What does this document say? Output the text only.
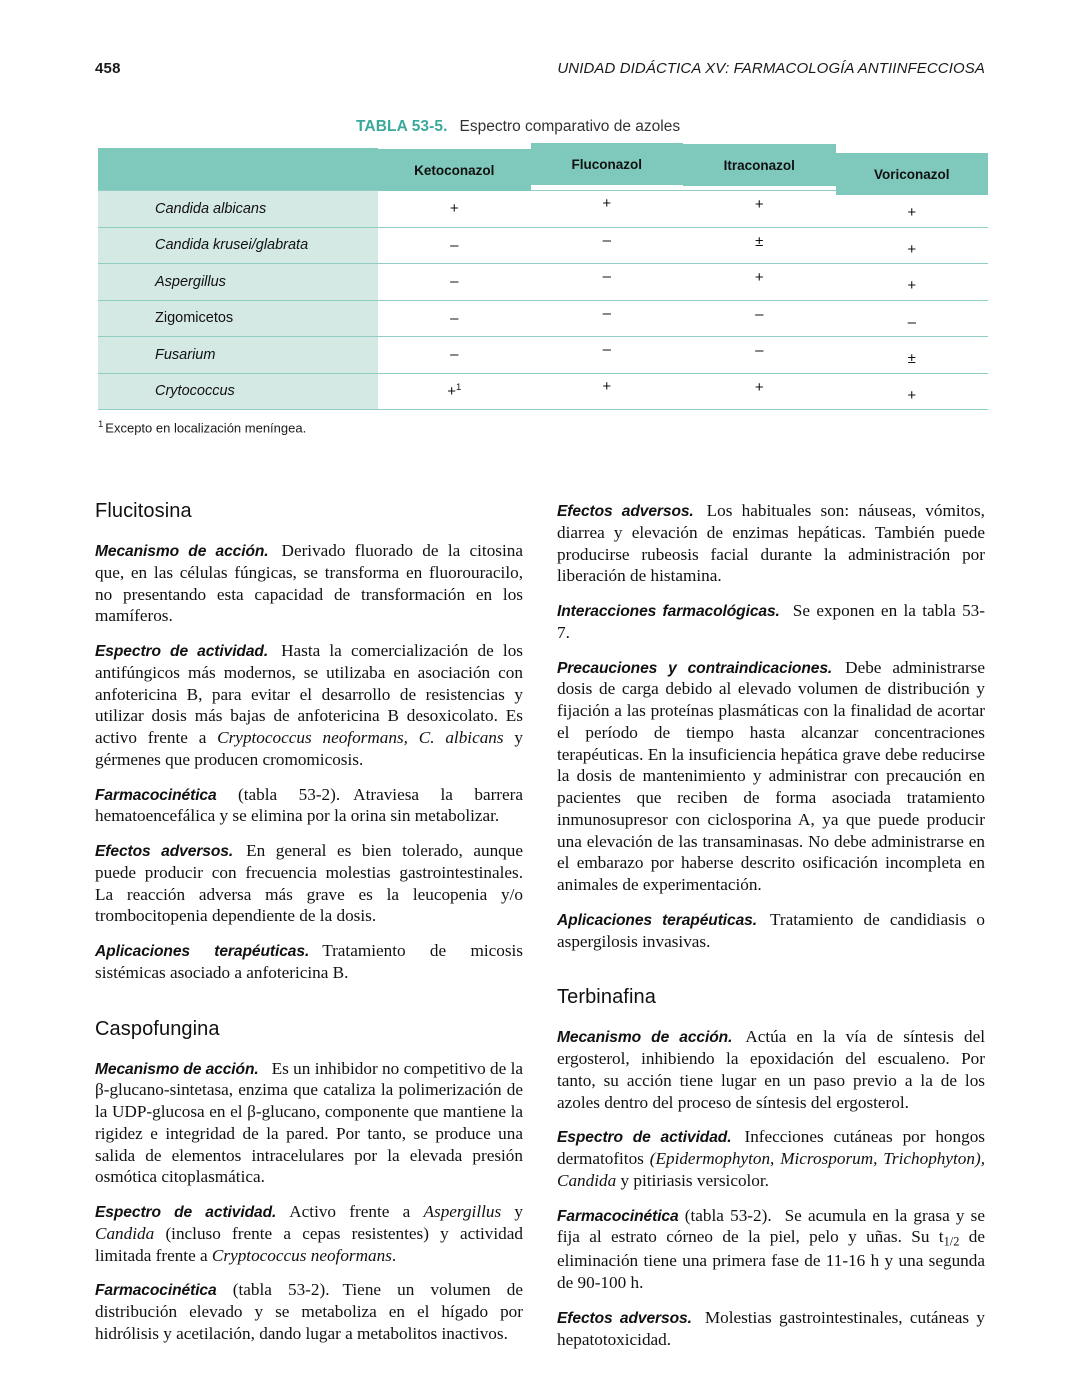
458	UNIDAD DIDÁCTICA XV: FARMACOLOGÍA ANTIINFECCIOSA
TABLA 53-5. Espectro comparativo de azoles
	Ketoconazol	Fluconazol	Itraconazol	Voriconazol
Candida albicans	+	+	+	+
Candida krusei/glabrata	–	–	±	+
Aspergillus	–	–	+	+
Zigomicetos	–	–	–	–
Fusarium	–	–	–	±
Crytococcus	+$^1$	+	+	+
$^1$ Excepto en localización meníngea.
Flucitosina

Mecanismo de acción. Derivado fluorado de la citosina que, en las células fúngicas, se transforma en fluorouracilo, no presentando esta capacidad de transformación en los mamíferos.

Espectro de actividad. Hasta la comercialización de los antifúngicos más modernos, se utilizaba en asociación con anfotericina B, para evitar el desarrollo de resistencias y utilizar dosis más bajas de anfotericina B desoxicolato. Es activo frente a Cryptococcus neoformans, C. albicans y gérmenes que producen cromomicosis.

Farmacocinética (tabla 53-2). Atraviesa la barrera hematoencefálica y se elimina por la orina sin metabolizar.

Efectos adversos. En general es bien tolerado, aunque puede producir con frecuencia molestias gastrointestinales. La reacción adversa más grave es la leucopenia y/o trombocitopenia dependiente de la dosis.

Aplicaciones terapéuticas. Tratamiento de micosis sistémicas asociado a anfotericina B.

Caspofungina

Mecanismo de acción. Es un inhibidor no competitivo de la β-glucano-sintetasa, enzima que cataliza la polimerización de la UDP-glucosa en el β-glucano, componente que mantiene la rigidez e integridad de la pared. Por tanto, se produce una salida de elementos intracelulares por la elevada presión osmótica citoplasmática.

Espectro de actividad. Activo frente a Aspergillus y Candida (incluso frente a cepas resistentes) y actividad limitada frente a Cryptococcus neoformans.

Farmacocinética (tabla 53-2). Tiene un volumen de distribución elevado y se metaboliza en el hígado por hidrólisis y acetilación, dando lugar a metabolitos inactivos.

Efectos adversos. Los habituales son: náuseas, vómitos, diarrea y elevación de enzimas hepáticas. También puede producirse rubeosis facial durante la administración por liberación de histamina.

Interacciones farmacológicas. Se exponen en la tabla 53-7.

Precauciones y contraindicaciones. Debe administrarse dosis de carga debido al elevado volumen de distribución y fijación a las proteínas plasmáticas con la finalidad de acortar el período de tiempo hasta alcanzar concentraciones terapéuticas. En la insuficiencia hepática grave debe reducirse la dosis de mantenimiento y administrar con precaución en pacientes que reciben de forma asociada tratamiento inmunosupresor con ciclosporina A, ya que puede producir una elevación de las transaminasas. No debe administrarse en el embarazo por haberse descrito osificación incompleta en animales de experimentación.

Aplicaciones terapéuticas. Tratamiento de candidiasis o aspergilosis invasivas.

Terbinafina

Mecanismo de acción. Actúa en la vía de síntesis del ergosterol, inhibiendo la epoxidación del escualeno. Por tanto, su acción tiene lugar en un paso previo a la de los azoles dentro del proceso de síntesis del ergosterol.

Espectro de actividad. Infecciones cutáneas por hongos dermatofitos (Epidermophyton, Microsporum, Trichophyton), Candida y pitiriasis versicolor.

Farmacocinética (tabla 53-2). Se acumula en la grasa y se fija al estrato córneo de la piel, pelo y uñas. Su $t_{1/2}$ de eliminación tiene una primera fase de 11-16 h y una segunda de 90-100 h.

Efectos adversos. Molestias gastrointestinales, cutáneas y hepatotoxicidad.
